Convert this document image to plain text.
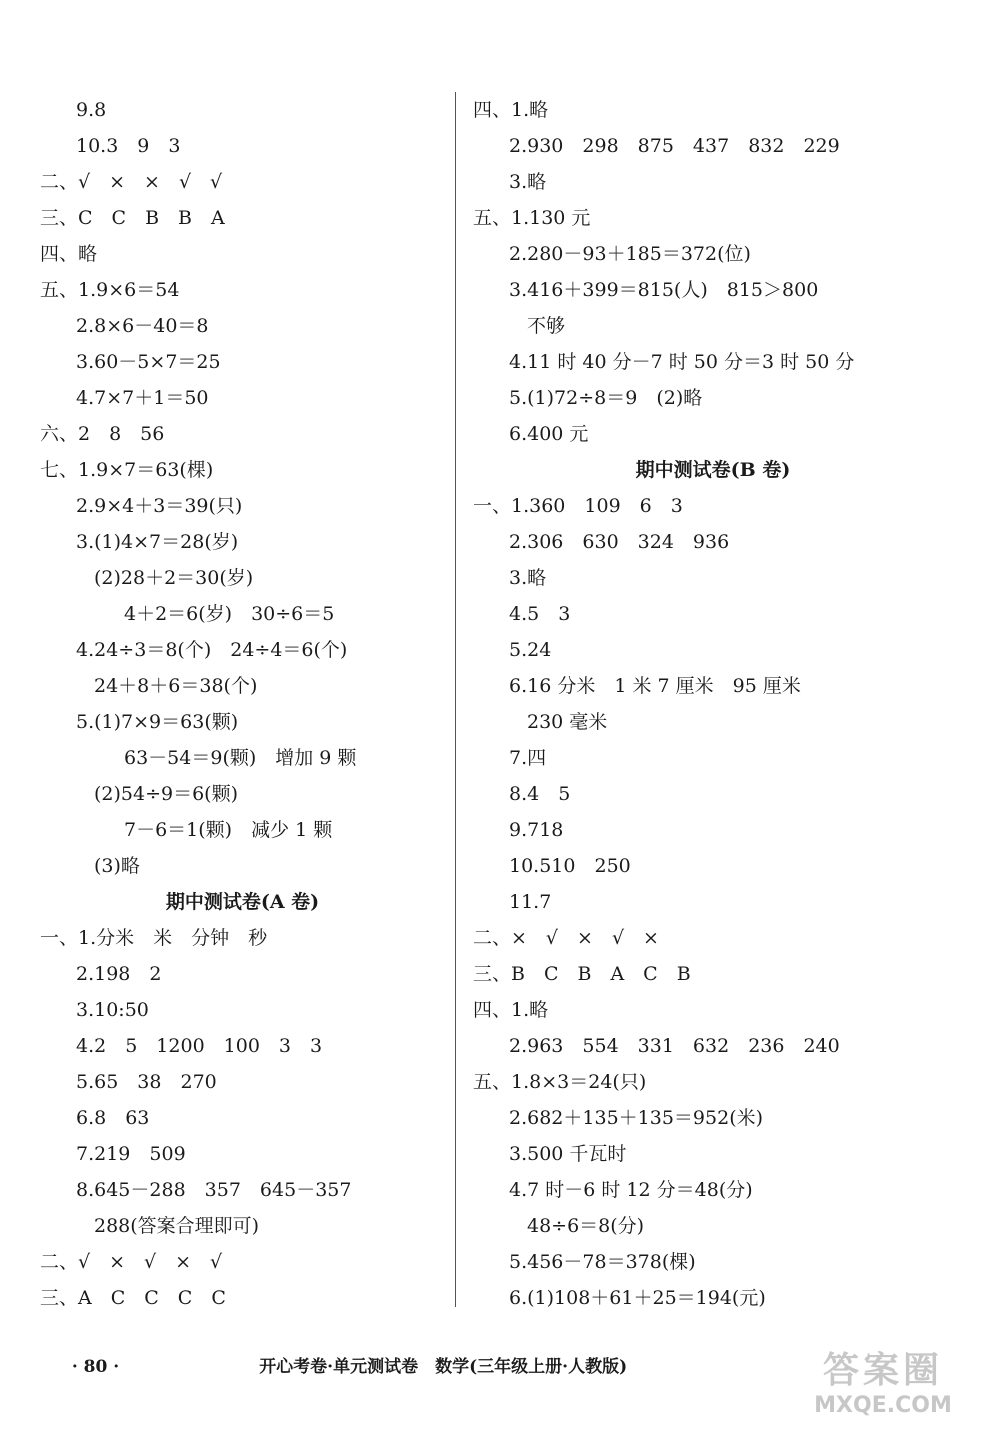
9.8
10.3　9　3
二、√　×　×　√　√
三、C　C　B　B　A
四、略
五、1.9×6＝54
2.8×6－40＝8
3.60－5×7＝25
4.7×7＋1＝50
六、2　8　56
七、1.9×7＝63(棵)
2.9×4＋3＝39(只)
3.(1)4×7＝28(岁)
(2)28＋2＝30(岁)
4＋2＝6(岁)　30÷6＝5
4.24÷3＝8(个)　24÷4＝6(个)
24＋8＋6＝38(个)
5.(1)7×9＝63(颗)
63－54＝9(颗)　增加 9 颗
(2)54÷9＝6(颗)
7－6＝1(颗)　减少 1 颗
(3)略
期中测试卷(A 卷)
一、1.分米　米　分钟　秒
2.198　2
3.10:50
4.2　5　1200　100　3　3
5.65　38　270
6.8　63
7.219　509
8.645－288　357　645－357
288(答案合理即可)
二、√　×　√　×　√
三、A　C　C　C　C
四、1.略
2.930　298　875　437　832　229
3.略
五、1.130 元
2.280－93＋185＝372(位)
3.416＋399＝815(人)　815＞800
不够
4.11 时 40 分－7 时 50 分＝3 时 50 分
5.(1)72÷8＝9　(2)略
6.400 元
期中测试卷(B 卷)
一、1.360　109　6　3
2.306　630　324　936
3.略
4.5　3
5.24
6.16 分米　1 米 7 厘米　95 厘米
230 毫米
7.四
8.4　5
9.718
10.510　250
11.7
二、×　√　×　√　×
三、B　C　B　A　C　B
四、1.略
2.963　554　331　632　236　240
五、1.8×3＝24(只)
2.682＋135＋135＝952(米)
3.500 千瓦时
4.7 时－6 时 12 分＝48(分)
48÷6＝8(分)
5.456－78＝378(棵)
6.(1)108＋61＋25＝194(元)

· 80 ·	开心考卷·单元测试卷　数学(三年级上册·人教版)	答案圈
MXQE.COM
